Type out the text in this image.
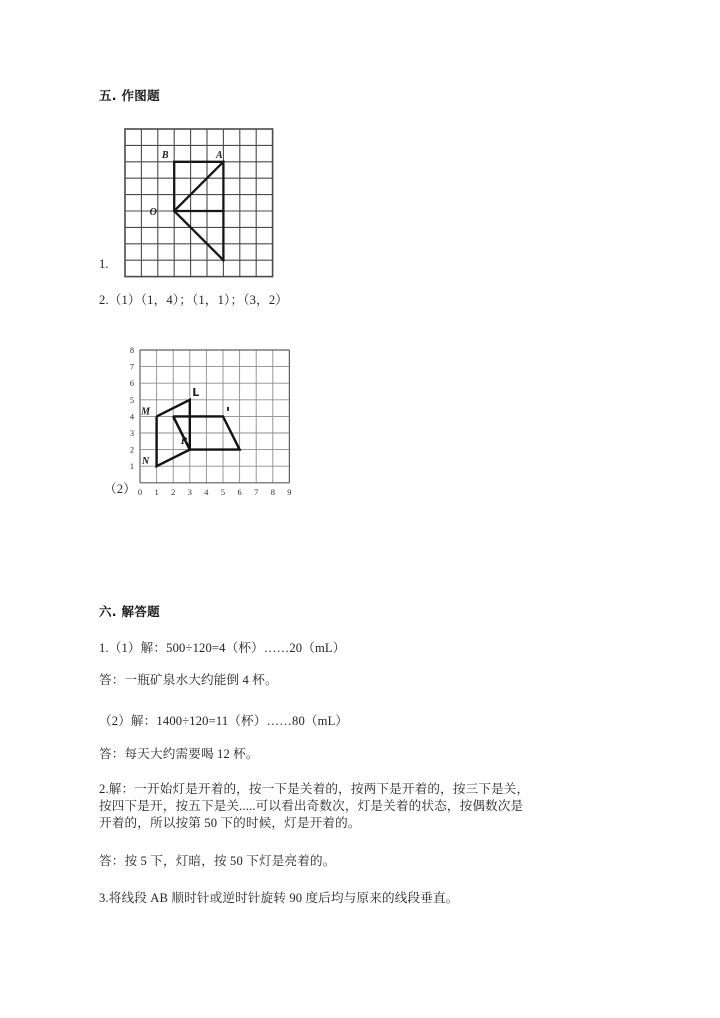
五. 作图题
B	A
O
1.
2.（1）（1，4）；（1，1）；（3，2）
0 1 2 3 4 5 6 7 8 9
1
2
3
4
5
6
7
8
M
N
L
P
（2）
六. 解答题
1.（1）解：500÷120=4（杯）……20（mL）
答：一瓶矿泉水大约能倒 4 杯。
（2）解：1400÷120=11（杯）……80（mL）
答：每天大约需要喝 12 杯。
2.解：一开始灯是开着的，按一下是关着的，按两下是开着的，按三下是关，
按四下是开，按五下是关.....可以看出奇数次，灯是关着的状态，按偶数次是
开着的，所以按第 50 下的时候，灯是开着的。
答：按 5 下，灯暗，按 50 下灯是亮着的。
3.将线段 AB 顺时针或逆时针旋转 90 度后均与原来的线段垂直。
